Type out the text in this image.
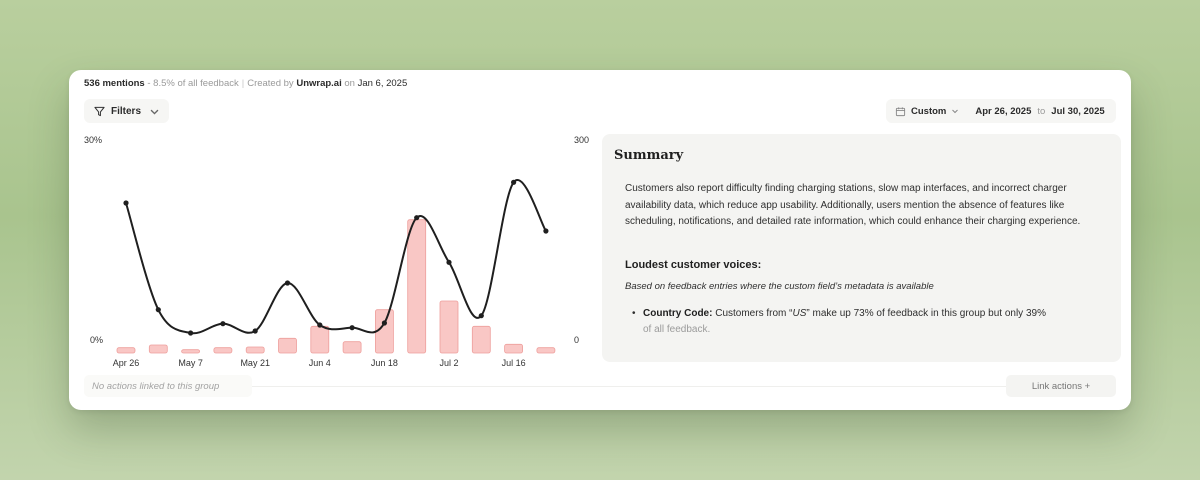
536 mentions - 8.5% of all feedback | Created by Unwrap.ai on Jan 6, 2025
Filters	Custom	Apr 26, 2025 to Jul 30, 2025
30%
0%
300
0
Apr 26	May 7	May 21	Jun 4	Jun 18	Jul 2	Jul 16
Summary

Customers also report difficulty finding charging stations, slow map interfaces, and incorrect charger availability data, which reduce app usability. Additionally, users mention the absence of features like scheduling, notifications, and detailed rate information, which could enhance their charging experience.

Loudest customer voices:

Based on feedback entries where the custom field’s metadata is available

• Country Code: Customers from “US” make up 73% of feedback in this group but only 39%
of all feedback.
No actions linked to this group	Link actions +
